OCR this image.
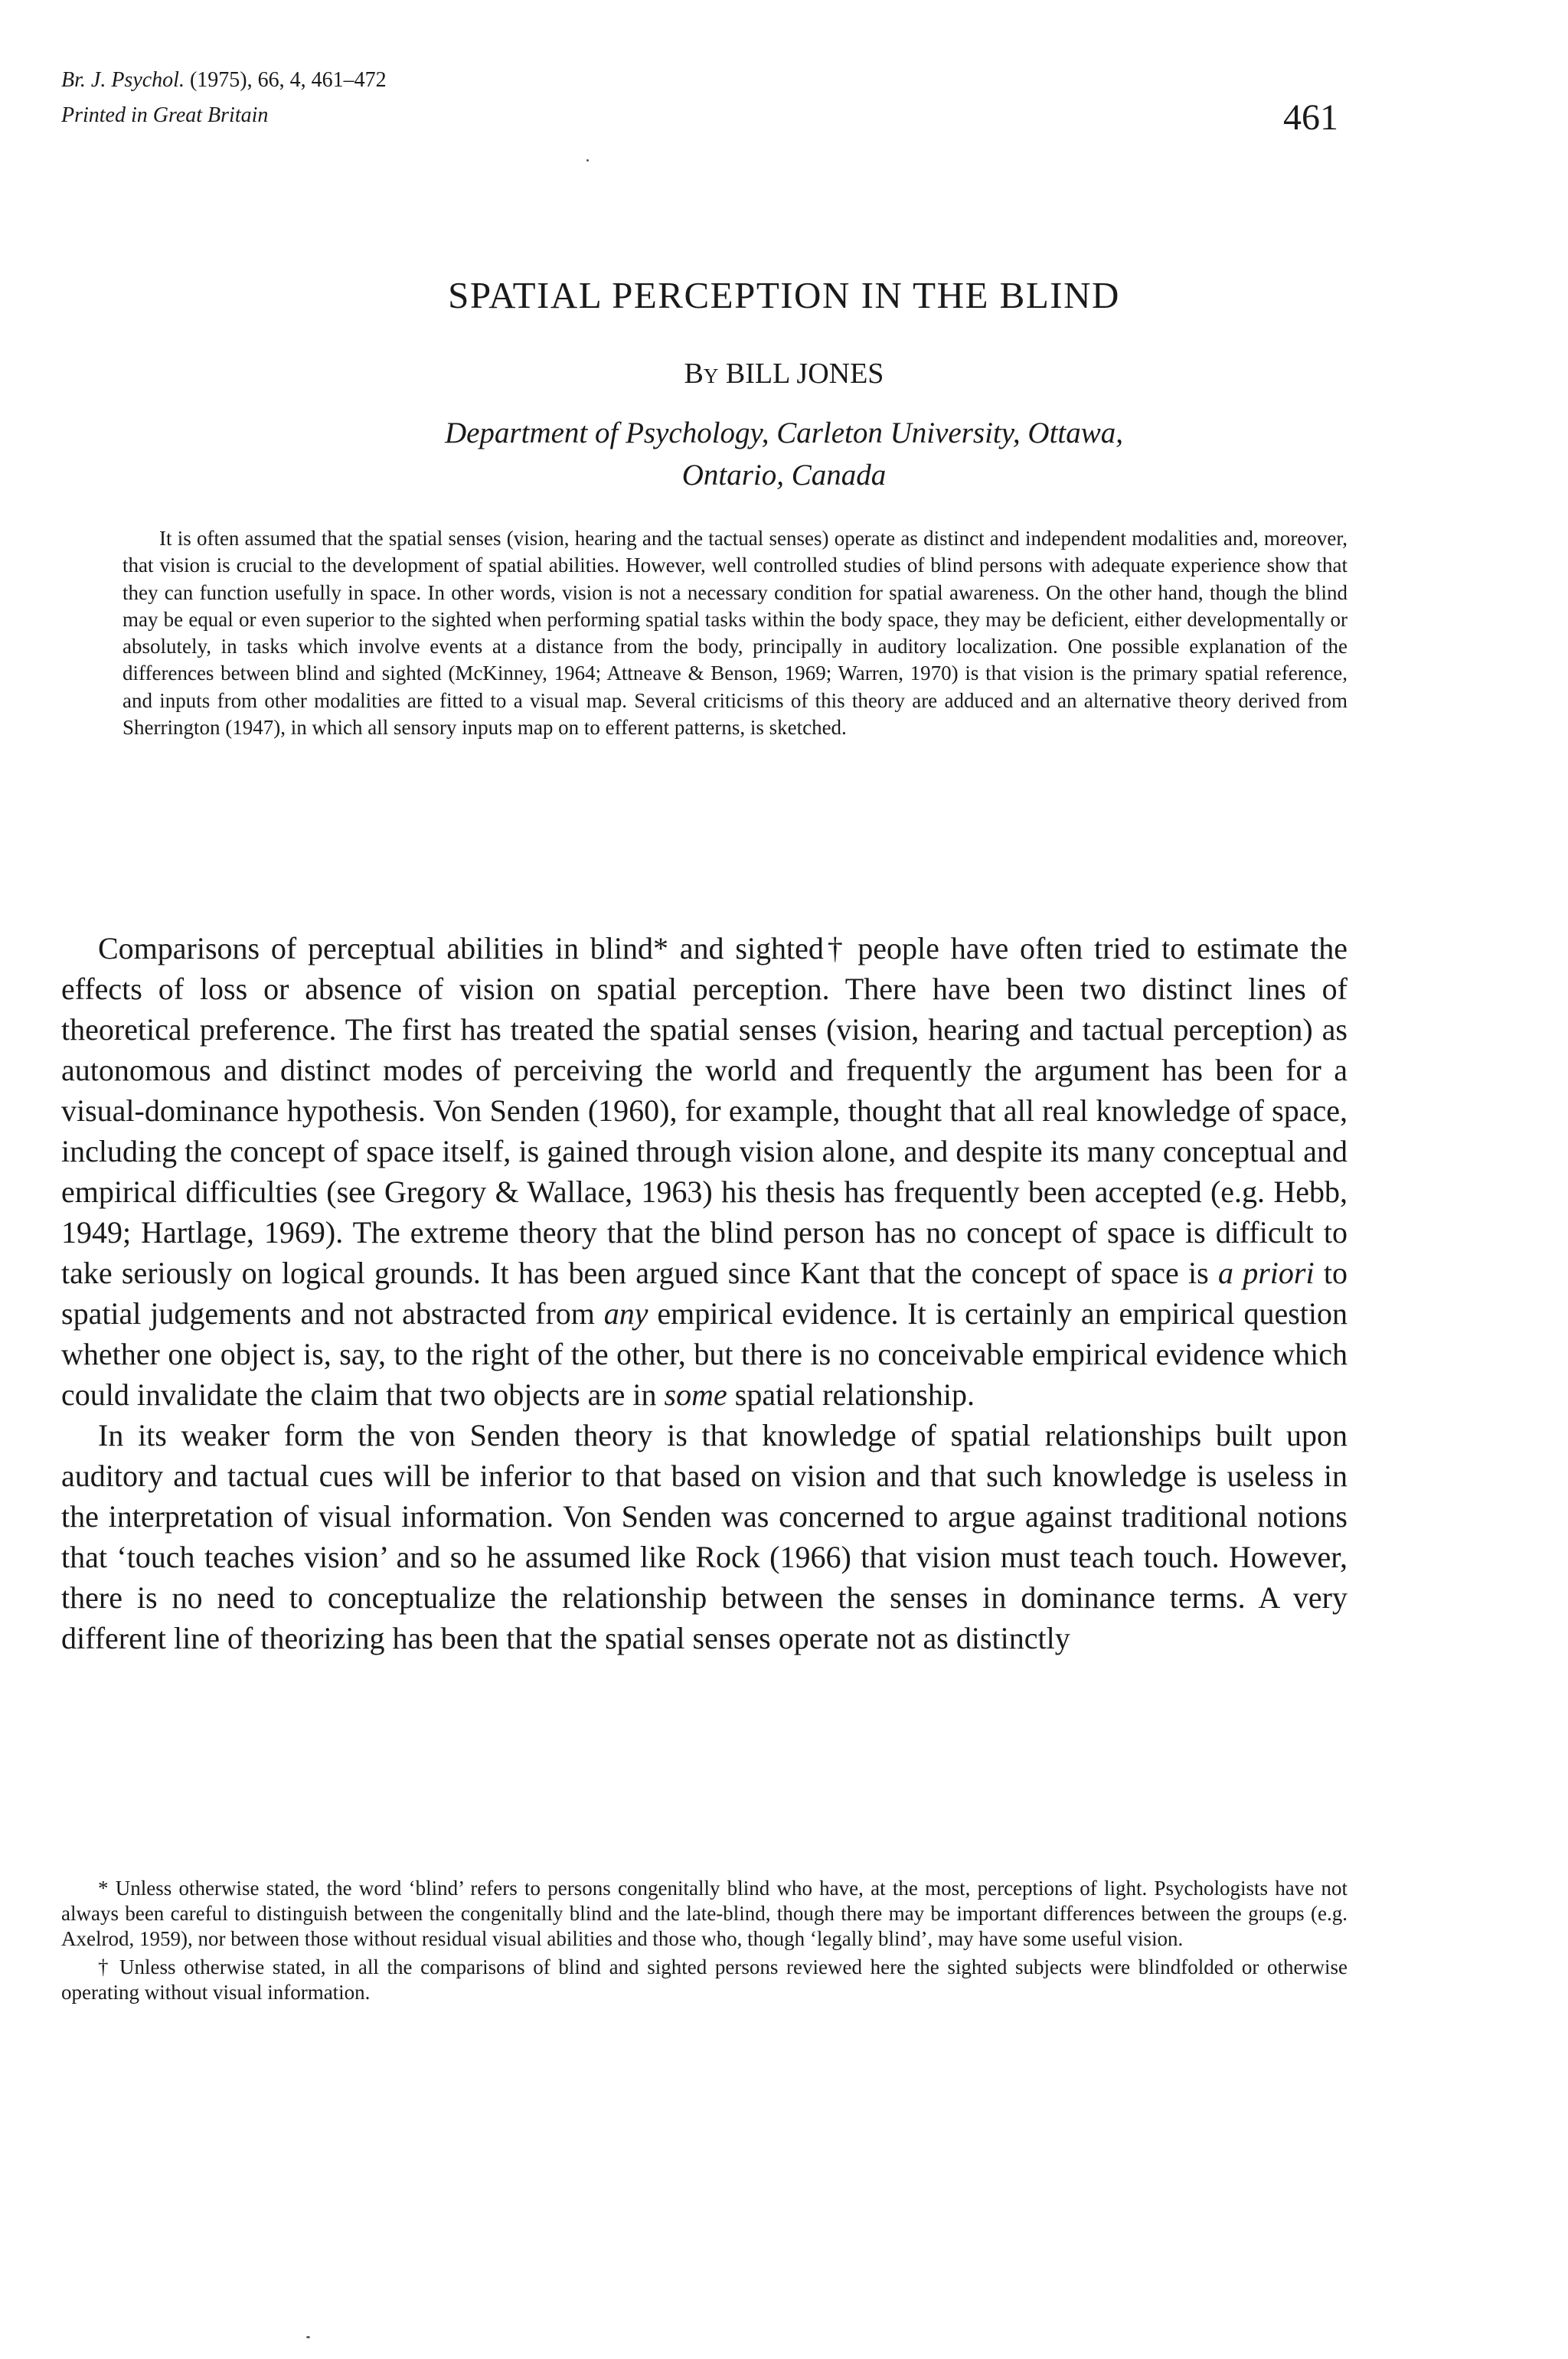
Br. J. Psychol. (1975), 66, 4, 461–472
Printed in Great Britain	461
SPATIAL PERCEPTION IN THE BLIND
By BILL JONES
Department of Psychology, Carleton University, Ottawa,
Ontario, Canada
It is often assumed that the spatial senses (vision, hearing and the tactual senses) operate as distinct and independent modalities and, moreover, that vision is crucial to the development of spatial abilities. However, well controlled studies of blind persons with adequate experience show that they can function usefully in space. In other words, vision is not a necessary condition for spatial awareness. On the other hand, though the blind may be equal or even superior to the sighted when performing spatial tasks within the body space, they may be deficient, either developmentally or absolutely, in tasks which involve events at a distance from the body, principally in auditory localization. One possible explanation of the differences between blind and sighted (McKinney, 1964; Attneave & Benson, 1969; Warren, 1970) is that vision is the primary spatial reference, and inputs from other modalities are fitted to a visual map. Several criticisms of this theory are adduced and an alternative theory derived from Sherrington (1947), in which all sensory inputs map on to efferent patterns, is sketched.

Comparisons of perceptual abilities in blind* and sighted† people have often tried to estimate the effects of loss or absence of vision on spatial perception. There have been two distinct lines of theoretical preference. The first has treated the spatial senses (vision, hearing and tactual perception) as autonomous and distinct modes of perceiving the world and frequently the argument has been for a visual-dominance hypothesis. Von Senden (1960), for example, thought that all real knowledge of space, including the concept of space itself, is gained through vision alone, and despite its many conceptual and empirical difficulties (see Gregory & Wallace, 1963) his thesis has frequently been accepted (e.g. Hebb, 1949; Hartlage, 1969). The extreme theory that the blind person has no concept of space is difficult to take seriously on logical grounds. It has been argued since Kant that the concept of space is a priori to spatial judgements and not abstracted from any empirical evidence. It is certainly an empirical question whether one object is, say, to the right of the other, but there is no conceivable empirical evidence which could invalidate the claim that two objects are in some spatial relationship.

In its weaker form the von Senden theory is that knowledge of spatial relationships built upon auditory and tactual cues will be inferior to that based on vision and that such knowledge is useless in the interpretation of visual information. Von Senden was concerned to argue against traditional notions that ‘touch teaches vision’ and so he assumed like Rock (1966) that vision must teach touch. However, there is no need to conceptualize the relationship between the senses in dominance terms. A very different line of theorizing has been that the spatial senses operate not as distinctly

* Unless otherwise stated, the word ‘blind’ refers to persons congenitally blind who have, at the most, perceptions of light. Psychologists have not always been careful to distinguish between the congenitally blind and the late-blind, though there may be important differences between the groups (e.g. Axelrod, 1959), nor between those without residual visual abilities and those who, though ‘legally blind’, may have some useful vision.

† Unless otherwise stated, in all the comparisons of blind and sighted persons reviewed here the sighted subjects were blindfolded or otherwise operating without visual information.
